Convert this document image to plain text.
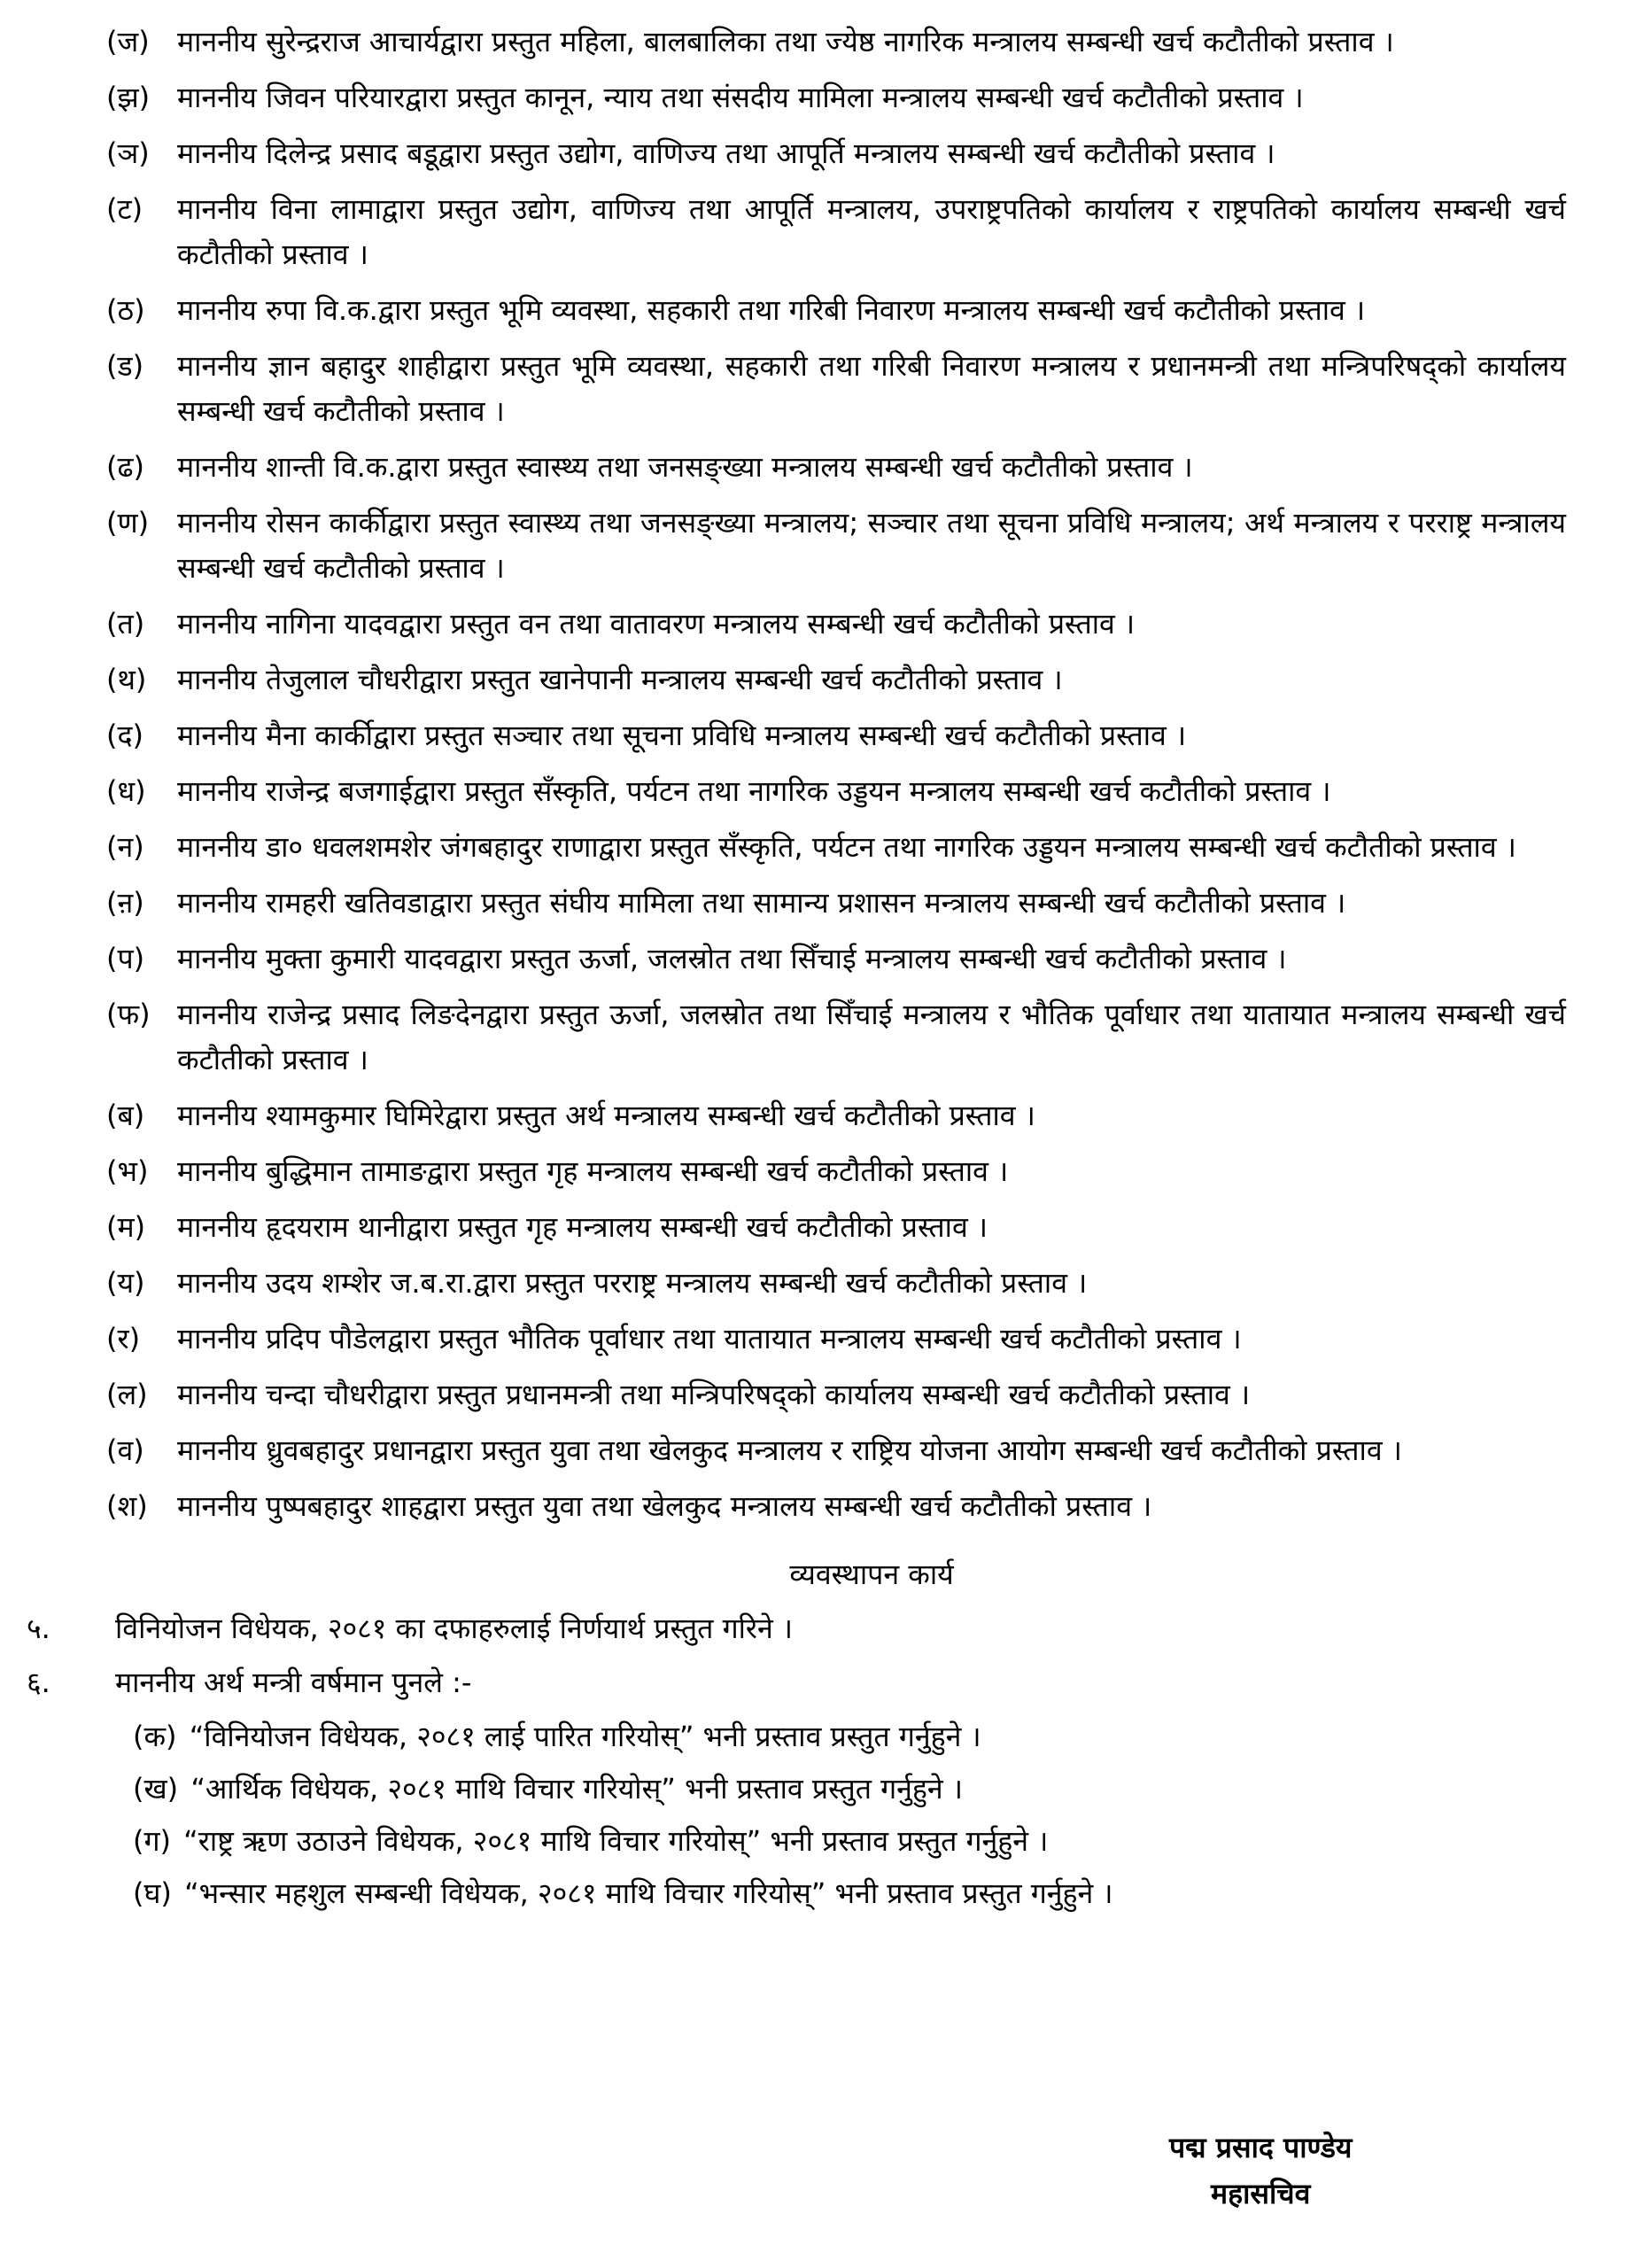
(ज) माननीय सुरेन्द्रराज आचार्यद्वारा प्रस्तुत महिला, बालबालिका तथा ज्येष्ठ नागरिक मन्त्रालय सम्बन्धी खर्च कटौतीको प्रस्ताव ।
(झ) माननीय जिवन परियारद्वारा प्रस्तुत कानून, न्याय तथा संसदीय मामिला मन्त्रालय सम्बन्धी खर्च कटौतीको प्रस्ताव ।
(ञ) माननीय दिलेन्द्र प्रसाद बडूद्वारा प्रस्तुत उद्योग, वाणिज्य तथा आपूर्ति मन्त्रालय सम्बन्धी खर्च कटौतीको प्रस्ताव ।
(ट)	माननीय विना लामाद्वारा प्रस्तुत उद्योग, वाणिज्य तथा आपूर्ति मन्त्रालय, उपराष्ट्रपतिको कार्यालय र राष्ट्रपतिको कार्यालय सम्बन्धी खर्च कटौतीको प्रस्ताव ।
(ठ)	माननीय रुपा वि.क.द्वारा प्रस्तुत भूमि व्यवस्था, सहकारी तथा गरिबी निवारण मन्त्रालय सम्बन्धी खर्च कटौतीको प्रस्ताव ।
(ड)	माननीय ज्ञान बहादुर शाहीद्वारा प्रस्तुत भूमि व्यवस्था, सहकारी तथा गरिबी निवारण मन्त्रालय र प्रधानमन्त्री तथा मन्त्रिपरिषद्को कार्यालय सम्बन्धी खर्च कटौतीको प्रस्ताव ।
(ढ)	माननीय शान्ती वि.क.द्वारा प्रस्तुत स्वास्थ्य तथा जनसङ्ख्या मन्त्रालय सम्बन्धी खर्च कटौतीको प्रस्ताव ।
(ण) माननीय रोसन कार्कीद्वारा प्रस्तुत स्वास्थ्य तथा जनसङ्ख्या मन्त्रालय; सञ्चार तथा सूचना प्रविधि मन्त्रालय; अर्थ मन्त्रालय र परराष्ट्र मन्त्रालय सम्बन्धी खर्च कटौतीको प्रस्ताव ।
(त)	माननीय नागिना यादवद्वारा प्रस्तुत वन तथा वातावरण मन्त्रालय सम्बन्धी खर्च कटौतीको प्रस्ताव ।
(थ)	माननीय तेजुलाल चौधरीद्वारा प्रस्तुत खानेपानी मन्त्रालय सम्बन्धी खर्च कटौतीको प्रस्ताव ।
(द)	माननीय मैना कार्कीद्वारा प्रस्तुत सञ्चार तथा सूचना प्रविधि मन्त्रालय सम्बन्धी खर्च कटौतीको प्रस्ताव ।
(ध)	माननीय राजेन्द्र बजगाईद्वारा प्रस्तुत सँस्कृति, पर्यटन तथा नागरिक उड्डयन मन्त्रालय सम्बन्धी खर्च कटौतीको प्रस्ताव ।
(न)	माननीय डा० धवलशमशेर जंगबहादुर राणाद्वारा प्रस्तुत सँस्कृति, पर्यटन तथा नागरिक उड्डयन मन्त्रालय सम्बन्धी खर्च कटौतीको प्रस्ताव ।
(ऩ)	माननीय रामहरी खतिवडाद्वारा प्रस्तुत संघीय मामिला तथा सामान्य प्रशासन मन्त्रालय सम्बन्धी खर्च कटौतीको प्रस्ताव ।
(प)	माननीय मुक्ता कुमारी यादवद्वारा प्रस्तुत ऊर्जा, जलस्रोत तथा सिँचाई मन्त्रालय सम्बन्धी खर्च कटौतीको प्रस्ताव ।
(फ) माननीय राजेन्द्र प्रसाद लिङदेनद्वारा प्रस्तुत ऊर्जा, जलस्रोत तथा सिँचाई मन्त्रालय र भौतिक पूर्वाधार तथा यातायात मन्त्रालय सम्बन्धी खर्च कटौतीको प्रस्ताव ।
(ब)	माननीय श्यामकुमार घिमिरेद्वारा प्रस्तुत अर्थ मन्त्रालय सम्बन्धी खर्च कटौतीको प्रस्ताव ।
(भ)	माननीय बुद्धिमान तामाङद्वारा प्रस्तुत गृह मन्त्रालय सम्बन्धी खर्च कटौतीको प्रस्ताव ।
(म)	माननीय हृदयराम थानीद्वारा प्रस्तुत गृह मन्त्रालय सम्बन्धी खर्च कटौतीको प्रस्ताव ।
(य)	माननीय उदय शम्शेर ज.ब.रा.द्वारा प्रस्तुत परराष्ट्र मन्त्रालय सम्बन्धी खर्च कटौतीको प्रस्ताव ।
(र)	माननीय प्रदिप पौडेलद्वारा प्रस्तुत भौतिक पूर्वाधार तथा यातायात मन्त्रालय सम्बन्धी खर्च कटौतीको प्रस्ताव ।
(ल)	माननीय चन्दा चौधरीद्वारा प्रस्तुत प्रधानमन्त्री तथा मन्त्रिपरिषद्को कार्यालय सम्बन्धी खर्च कटौतीको प्रस्ताव ।
(व)	माननीय ध्रुवबहादुर प्रधानद्वारा प्रस्तुत युवा तथा खेलकुद मन्त्रालय र राष्ट्रिय योजना आयोग सम्बन्धी खर्च कटौतीको प्रस्ताव ।
(श)	माननीय पुष्पबहादुर शाहद्वारा प्रस्तुत युवा तथा खेलकुद मन्त्रालय सम्बन्धी खर्च कटौतीको प्रस्ताव ।
व्यवस्थापन कार्य
५.	विनियोजन विधेयक, २०८१ का दफाहरुलाई निर्णयार्थ प्रस्तुत गरिने ।
६.	माननीय अर्थ मन्त्री वर्षमान पुनले :-
(क) “विनियोजन विधेयक, २०८१ लाई पारित गरियोस्” भनी प्रस्ताव प्रस्तुत गर्नुहुने ।
(ख) “आर्थिक विधेयक, २०८१ माथि विचार गरियोस्” भनी प्रस्ताव प्रस्तुत गर्नुहुने ।
(ग) “राष्ट्र ऋण उठाउने विधेयक, २०८१ माथि विचार गरियोस्” भनी प्रस्ताव प्रस्तुत गर्नुहुने ।
(घ) “भन्सार महशुल सम्बन्धी विधेयक, २०८१ माथि विचार गरियोस्” भनी प्रस्ताव प्रस्तुत गर्नुहुने ।
पद्म प्रसाद पाण्डेय
महासचिव
